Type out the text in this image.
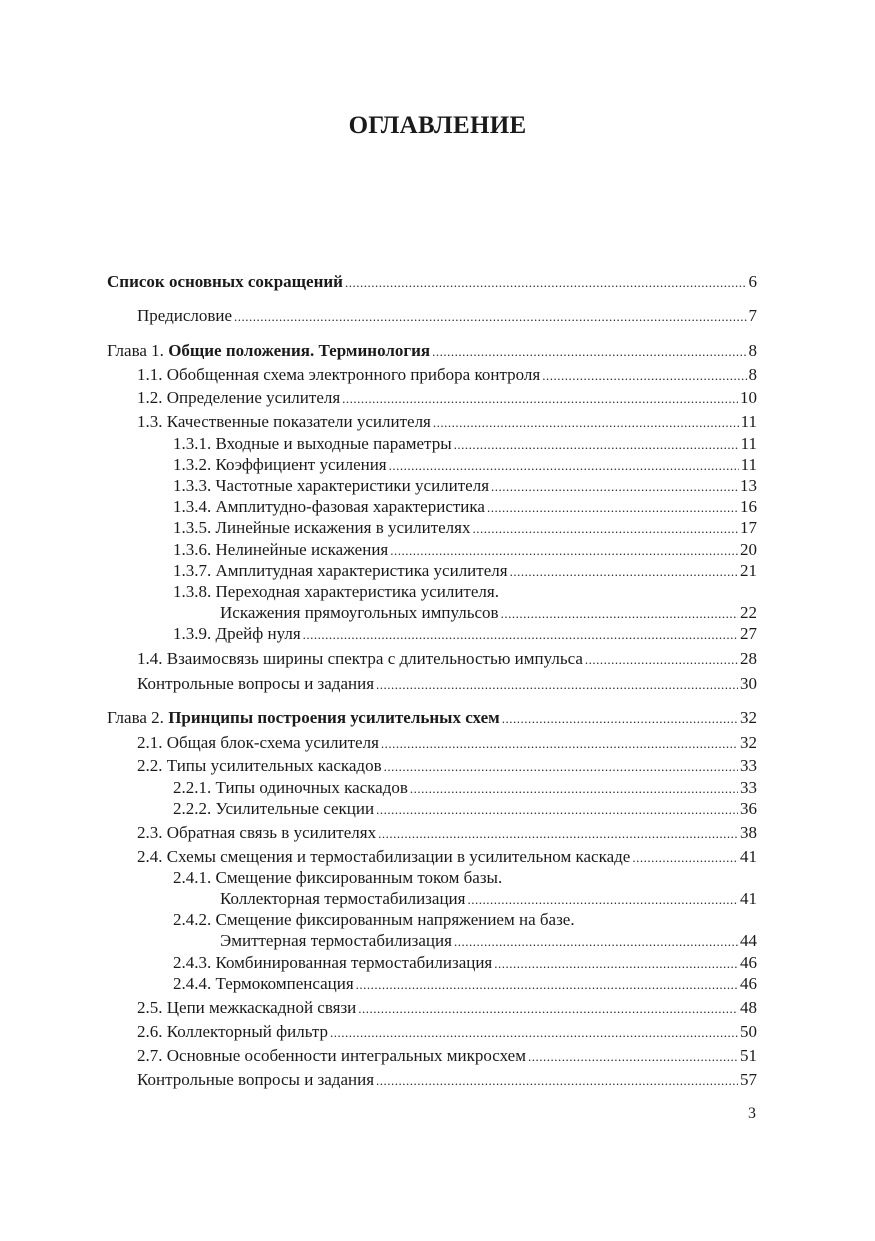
ОГЛАВЛЕНИЕ
Список основных сокращений .....	6
Предисловие .....	7
Глава 1. Общие положения. Терминология .....	8
1.1. Обобщенная схема электронного прибора контроля .....	8
1.2. Определение усилителя .....	10
1.3. Качественные показатели усилителя .....	11
1.3.1. Входные и выходные параметры .....	11
1.3.2. Коэффициент усиления .....	11
1.3.3. Частотные характеристики усилителя .....	13
1.3.4. Амплитудно-фазовая характеристика .....	16
1.3.5. Линейные искажения в усилителях .....	17
1.3.6. Нелинейные искажения .....	20
1.3.7. Амплитудная характеристика усилителя .....	21
1.3.8. Переходная характеристика усилителя.
Искажения прямоугольных импульсов .....	22
1.3.9. Дрейф нуля .....	27
1.4. Взаимосвязь ширины спектра с длительностью импульса .....	28
Контрольные вопросы и задания .....	30
Глава 2. Принципы построения усилительных схем .....	32
2.1. Общая блок-схема усилителя .....	32
2.2. Типы усилительных каскадов .....	33
2.2.1. Типы одиночных каскадов .....	33
2.2.2. Усилительные секции .....	36
2.3. Обратная связь в усилителях .....	38
2.4. Схемы смещения и термостабилизации в усилительном каскаде .....	41
2.4.1. Смещение фиксированным током базы.
Коллекторная термостабилизация .....	41
2.4.2. Смещение фиксированным напряжением на базе.
Эмиттерная термостабилизация .....	44
2.4.3. Комбинированная термостабилизация .....	46
2.4.4. Термокомпенсация .....	46
2.5. Цепи межкаскадной связи .....	48
2.6. Коллекторный фильтр .....	50
2.7. Основные особенности интегральных микросхем .....	51
Контрольные вопросы и задания .....	57
3
